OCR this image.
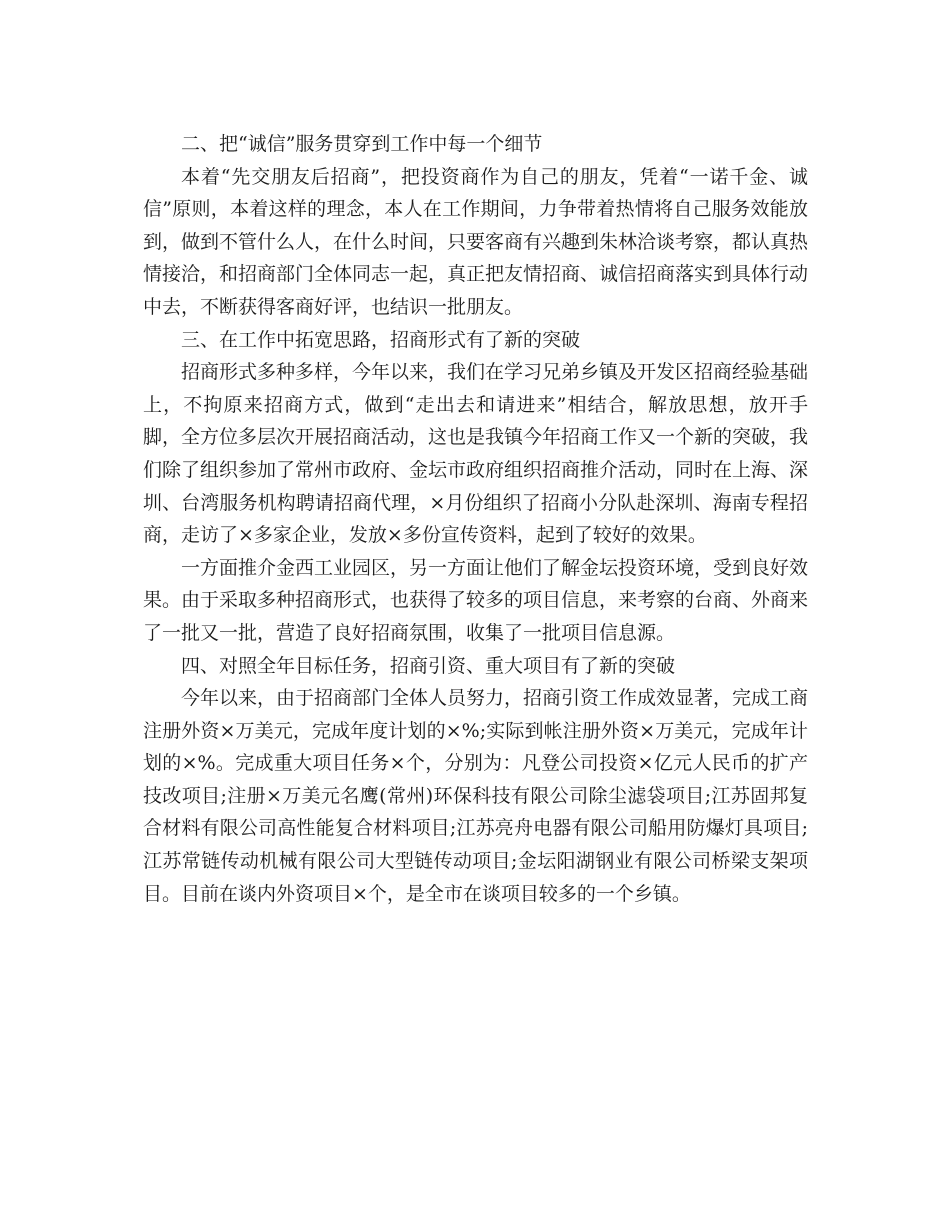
二、把“诚信”服务贯穿到工作中每一个细节

本着“先交朋友后招商”，把投资商作为自己的朋友，凭着“一诺千金、诚信”原则，本着这样的理念，本人在工作期间，力争带着热情将自己服务效能放到，做到不管什么人，在什么时间，只要客商有兴趣到朱林洽谈考察，都认真热情接洽，和招商部门全体同志一起，真正把友情招商、诚信招商落实到具体行动中去，不断获得客商好评，也结识一批朋友。

三、在工作中拓宽思路，招商形式有了新的突破

招商形式多种多样，今年以来，我们在学习兄弟乡镇及开发区招商经验基础上，不拘原来招商方式，做到“走出去和请进来”相结合，解放思想，放开手脚，全方位多层次开展招商活动，这也是我镇今年招商工作又一个新的突破，我们除了组织参加了常州市政府、金坛市政府组织招商推介活动，同时在上海、深圳、台湾服务机构聘请招商代理，×月份组织了招商小分队赴深圳、海南专程招商，走访了×多家企业，发放×多份宣传资料，起到了较好的效果。

一方面推介金西工业园区，另一方面让他们了解金坛投资环境，受到良好效果。由于采取多种招商形式，也获得了较多的项目信息，来考察的台商、外商来了一批又一批，营造了良好招商氛围，收集了一批项目信息源。

四、对照全年目标任务，招商引资、重大项目有了新的突破

今年以来，由于招商部门全体人员努力，招商引资工作成效显著，完成工商注册外资×万美元，完成年度计划的×%;实际到帐注册外资×万美元，完成年计划的×%。完成重大项目任务×个，分别为：凡登公司投资×亿元人民币的扩产技改项目;注册×万美元名鹰(常州)环保科技有限公司除尘滤袋项目;江苏固邦复合材料有限公司高性能复合材料项目;江苏亮舟电器有限公司船用防爆灯具项目;江苏常链传动机械有限公司大型链传动项目;金坛阳湖钢业有限公司桥梁支架项目。目前在谈内外资项目×个，是全市在谈项目较多的一个乡镇。
